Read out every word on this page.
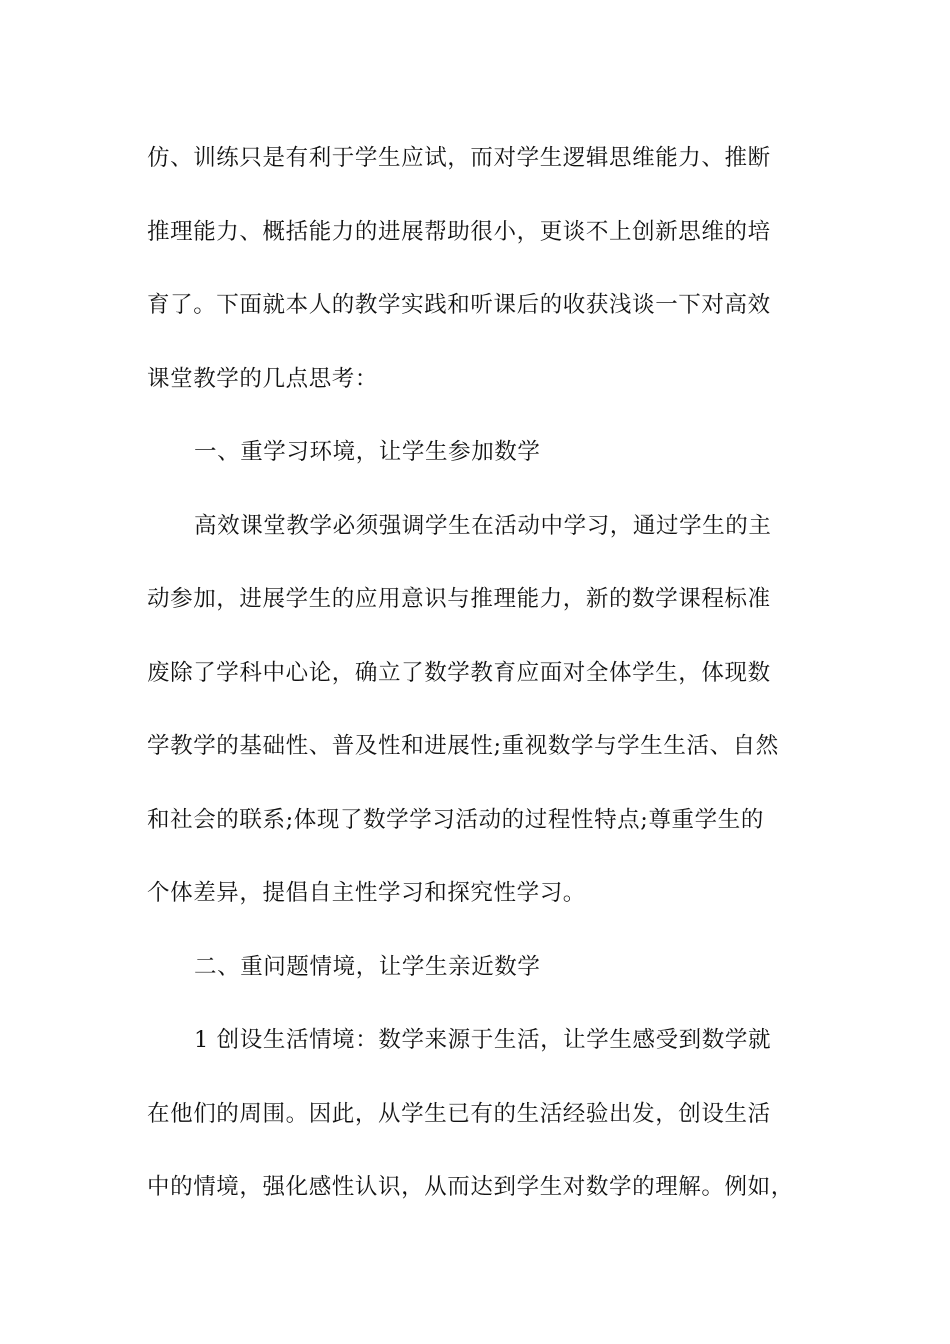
仿、训练只是有利于学生应试，而对学生逻辑思维能力、推断
推理能力、概括能力的进展帮助很小，更谈不上创新思维的培
育了。下面就本人的教学实践和听课后的收获浅谈一下对高效
课堂教学的几点思考：
一、重学习环境，让学生参加数学
高效课堂教学必须强调学生在活动中学习，通过学生的主
动参加，进展学生的应用意识与推理能力，新的数学课程标准
废除了学科中心论，确立了数学教育应面对全体学生，体现数
学教学的基础性、普及性和进展性;重视数学与学生生活、自然
和社会的联系;体现了数学学习活动的过程性特点;尊重学生的
个体差异，提倡自主性学习和探究性学习。
二、重问题情境，让学生亲近数学
1 创设生活情境：数学来源于生活，让学生感受到数学就
在他们的周围。因此，从学生已有的生活经验出发，创设生活
中的情境，强化感性认识，从而达到学生对数学的理解。例如，
